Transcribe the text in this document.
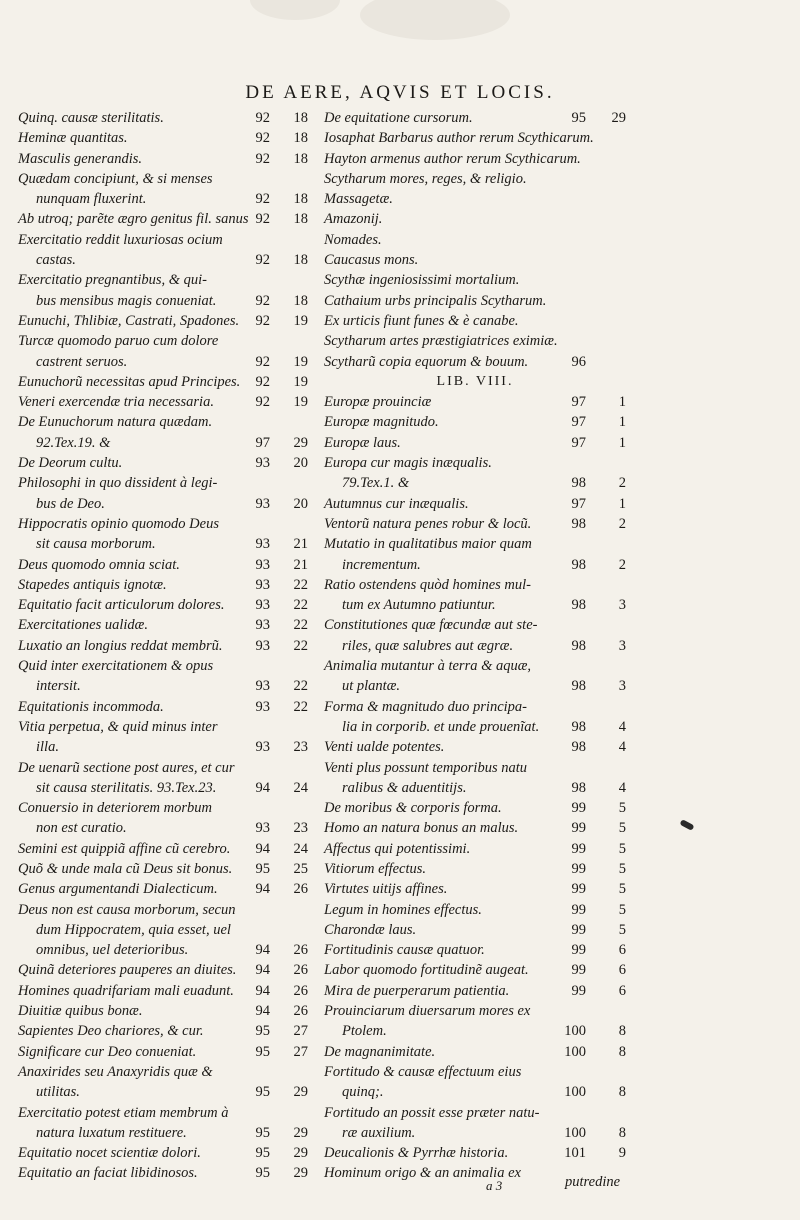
DE AERE, AQVIS ET LOCIS.
Quinq. causæ sterilitatis.	92	18
Heminæ quantitas.	92	18
Masculis generandis.	92	18
Quædam concipiunt, & si menses
nunquam fluxerint.	92	18
Ab utroq; parẽte ægro genitus fil. sanus 92	18
Exercitatio reddit luxuriosas ocium
castas.	92	18
Exercitatio pregnantibus, & qui-
bus mensibus magis conueniat.	92	18
Eunuchi, Thlibiæ, Castrati, Spadones. 92	19
Turcæ quomodo paruo cum dolore
castrent seruos.	92	19
Eunuchorũ necessitas apud Principes. 92	19
Veneri exercendæ tria necessaria.	92	19
De Eunuchorum natura quædam.
92.Tex.19. &	97	29
De Deorum cultu.	93	20
Philosophi in quo dissident à legi-
bus de Deo.	93	20
Hippocratis opinio quomodo Deus
sit causa morborum.	93	21
Deus quomodo omnia sciat.	93	21
Stapedes antiquis ignotæ.	93	22
Equitatio facit articulorum dolores. 93	22
Exercitationes ualidæ.	93	22
Luxatio an longius reddat membrũ. 93	22
Quid inter exercitationem & opus
intersit.	93	22
Equitationis incommoda.	93	22
Vitia perpetua, & quid minus inter
illa.	93	23
De uenarũ sectione post aures, et cur
sit causa sterilitatis. 93.Tex.23.	94	24
Conuersio in deteriorem morbum
non est curatio.	93	23
Semini est quippiã affine cũ cerebro. 94	24
Quõ & unde mala cũ Deus sit bonus. 95	25
Genus argumentandi Dialecticum.	94	26
Deus non est causa morborum, secun
dum Hippocratem, quia esset, uel
omnibus, uel deterioribus.	94	26
Quinã deteriores pauperes an diuites. 94	26
Homines quadrifariam mali euadunt. 94	26
Diuitiæ quibus bonæ.	94	26
Sapientes Deo chariores, & cur.	95	27
Significare cur Deo conueniat.	95	27
Anaxirides seu Anaxyridis quæ &
utilitas.	95	29
Exercitatio potest etiam membrum à
natura luxatum restituere.	95	29
Equitatio nocet scientiæ dolori.	95	29
Equitatio an faciat libidinosos.	95	29
De equitatione cursorum.	95	29
Iosaphat Barbarus author rerum Scythicarum.
Hayton armenus author rerum Scythicarum.
Scytharum mores, reges, & religio.
Massagetæ.
Amazonij.
Nomades.
Caucasus mons.
Scythæ ingeniosissimi mortalium.
Cathaium urbs principalis Scytharum.
Ex urticis fiunt funes & è canabe.
Scytharum artes præstigiatrices eximiæ.
Scytharũ copia equorum & bouum.	96
LIB. VIII.
Europæ prouinciæ	97	1
Europæ magnitudo.	97	1
Europæ laus.	97	1
Europa cur magis inæqualis.
79.Tex.1. &	98	2
Autumnus cur inæqualis.	97	1
Ventorũ natura penes robur & locũ.	98	2
Mutatio in qualitatibus maior quam
incrementum.	98	2
Ratio ostendens quòd homines mul-
tum ex Autumno patiuntur.	98	3
Constitutiones quæ fœcundæ aut ste-
riles, quæ salubres aut ægræ.	98	3
Animalia mutantur à terra & aquæ,
ut plantæ.	98	3
Forma & magnitudo duo principa-
lia in corporib. et unde prouenĩat. 98	4
Venti ualde potentes.	98	4
Venti plus possunt temporibus natu
ralibus & aduentitijs.	98	4
De moribus & corporis forma.	99	5
Homo an natura bonus an malus.	99	5
Affectus qui potentissimi.	99	5
Vitiorum effectus.	99	5
Virtutes uitijs affines.	99	5
Legum in homines effectus.	99	5
Charondæ laus.	99	5
Fortitudinis causæ quatuor.	99	6
Labor quomodo fortitudinẽ augeat.	99	6
Mira de puerperarum patientia.	99	6
Prouinciarum diuersarum mores ex
Ptolem.	100	8
De magnanimitate.	100	8
Fortitudo & causæ effectuum eius
quinq;.	100	8
Fortitudo an possit esse præter natu-
ræ auxilium.	100	8
Deucalionis & Pyrrhæ historia.	101	9
Hominum origo & an animalia ex
a 3	putredine
